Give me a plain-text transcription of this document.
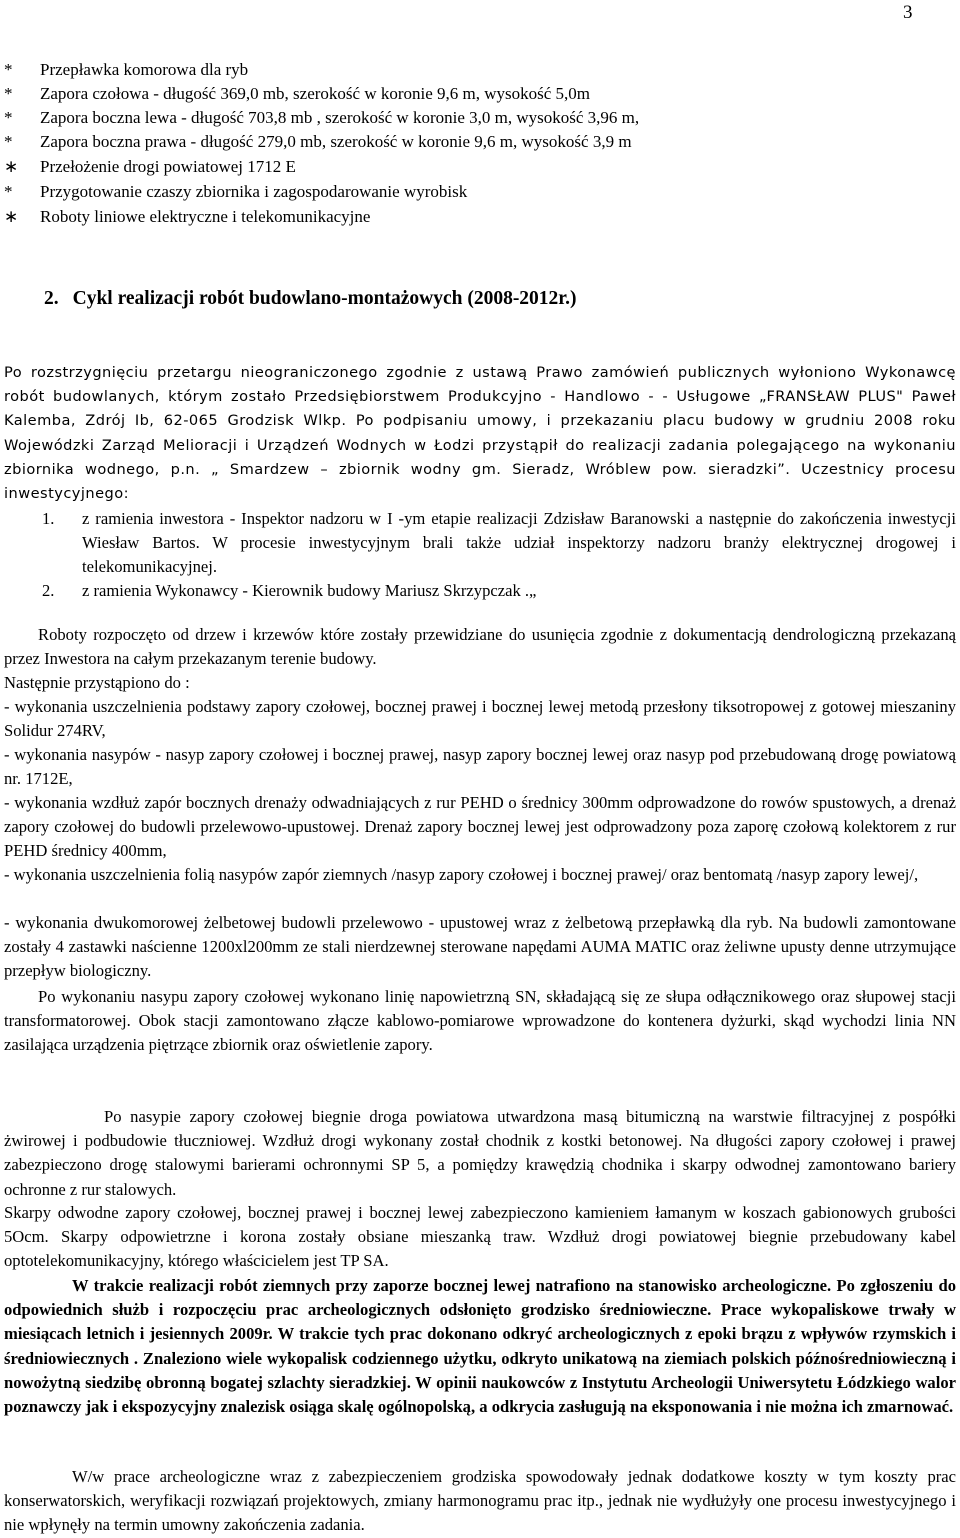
3
* Przepławka komorowa dla ryb
* Zapora czołowa - długość 369,0 mb, szerokość w koronie 9,6 m, wysokość 5,0m
* Zapora boczna lewa - długość 703,8 mb , szerokość w koronie 3,0 m, wysokość 3,96 m,
* Zapora boczna prawa - długość 279,0 mb, szerokość w koronie 9,6 m, wysokość 3,9 m
∗ Przełożenie drogi powiatowej 1712 E
* Przygotowanie czaszy zbiornika i zagospodarowanie wyrobisk
∗ Roboty liniowe elektryczne i telekomunikacyjne
2. Cykl realizacji robót budowlano-montażowych (2008-2012r.)

Po rozstrzygnięciu przetargu nieograniczonego zgodnie z ustawą Prawo zamówień publicznych wyłoniono Wykonawcę robót budowlanych, którym zostało Przedsiębiorstwem Produkcyjno - Handlowo - - Usługowe „FRANSŁAW PLUS" Paweł Kalemba, Zdrój Ib, 62-065 Grodzisk Wlkp. Po podpisaniu umowy, i przekazaniu placu budowy w grudniu 2008 roku Wojewódzki Zarząd Melioracji i Urządzeń Wodnych w Łodzi przystąpił do realizacji zadania polegającego na wykonaniu zbiornika wodnego, p.n. „ Smardzew – zbiornik wodny gm. Sieradz, Wróblew pow. sieradzki”. Uczestnicy procesu inwestycyjnego:

1. z ramienia inwestora - Inspektor nadzoru w I -ym etapie realizacji Zdzisław Baranowski a następnie do zakończenia inwestycji Wiesław Bartos. W procesie inwestycyjnym brali także udział inspektorzy nadzoru branży elektrycznej drogowej i telekomunikacyjnej.
2. z ramienia Wykonawcy - Kierownik budowy Mariusz Skrzypczak .„

Roboty rozpoczęto od drzew i krzewów które zostały przewidziane do usunięcia zgodnie z dokumentacją dendrologiczną przekazaną przez Inwestora na całym przekazanym terenie budowy.

Następnie przystąpiono do :

- wykonania uszczelnienia podstawy zapory czołowej, bocznej prawej i bocznej lewej metodą przesłony tiksotropowej z gotowej mieszaniny Solidur 274RV,

- wykonania nasypów - nasyp zapory czołowej i bocznej prawej, nasyp zapory bocznej lewej oraz nasyp pod przebudowaną drogę powiatową nr. 1712E,

- wykonania wzdłuż zapór bocznych drenaży odwadniających z rur PEHD o średnicy 300mm odprowadzone do rowów spustowych, a drenaż zapory czołowej do budowli przelewowo-upustowej. Drenaż zapory bocznej lewej jest odprowadzony poza zaporę czołową kolektorem z rur PEHD średnicy 400mm,

- wykonania uszczelnienia folią nasypów zapór ziemnych /nasyp zapory czołowej i bocznej prawej/ oraz bentomatą /nasyp zapory lewej/,

- wykonania dwukomorowej żelbetowej budowli przelewowo - upustowej wraz z żelbetową przepławką dla ryb. Na budowli zamontowane zostały 4 zastawki naścienne 1200xl200mm ze stali nierdzewnej sterowane napędami AUMA MATIC oraz żeliwne upusty denne utrzymujące przepływ biologiczny.

Po wykonaniu nasypu zapory czołowej wykonano linię napowietrzną SN, składającą się ze słupa odłącznikowego oraz słupowej stacji transformatorowej. Obok stacji zamontowano złącze kablowo-pomiarowe wprowadzone do kontenera dyżurki, skąd wychodzi linia NN zasilająca urządzenia piętrzące zbiornik oraz oświetlenie zapory.

Po nasypie zapory czołowej biegnie droga powiatowa utwardzona masą bitumiczną na warstwie filtracyjnej z pospółki żwirowej i podbudowie tłuczniowej. Wzdłuż drogi wykonany został chodnik z kostki betonowej. Na długości zapory czołowej i prawej zabezpieczono drogę stalowymi barierami ochronnymi SP 5, a pomiędzy krawędzią chodnika i skarpy odwodnej zamontowano bariery ochronne z rur stalowych.

Skarpy odwodne zapory czołowej, bocznej prawej i bocznej lewej zabezpieczono kamieniem łamanym w koszach gabionowych grubości 5Ocm. Skarpy odpowietrzne i korona zostały obsiane mieszanką traw. Wzdłuż drogi powiatowej biegnie przebudowany kabel optotelekomunikacyjny, którego właścicielem jest TP SA.

W trakcie realizacji robót ziemnych przy zaporze bocznej lewej natrafiono na stanowisko archeologiczne. Po zgłoszeniu do odpowiednich służb i rozpoczęciu prac archeologicznych odsłonięto grodzisko średniowieczne. Prace wykopaliskowe trwały w miesiącach letnich i jesiennych 2009r. W trakcie tych prac dokonano odkryć archeologicznych z epoki brązu z wpływów rzymskich i średniowiecznych . Znaleziono wiele wykopalisk codziennego użytku, odkryto unikatową na ziemiach polskich późnośredniowieczną i nowożytną siedzibę obronną bogatej szlachty sieradzkiej. W opinii naukowców z Instytutu Archeologii Uniwersytetu Łódzkiego walor poznawczy jak i ekspozycyjny znalezisk osiąga skalę ogólnopolską, a odkrycia zasługują na eksponowania i nie można ich zmarnować.

W/w prace archeologiczne wraz z zabezpieczeniem grodziska spowodowały jednak dodatkowe koszty w tym koszty prac konserwatorskich, weryfikacji rozwiązań projektowych, zmiany harmonogramu prac itp., jednak nie wydłużyły one procesu inwestycyjnego i nie wpłynęły na termin umowny zakończenia zadania.
